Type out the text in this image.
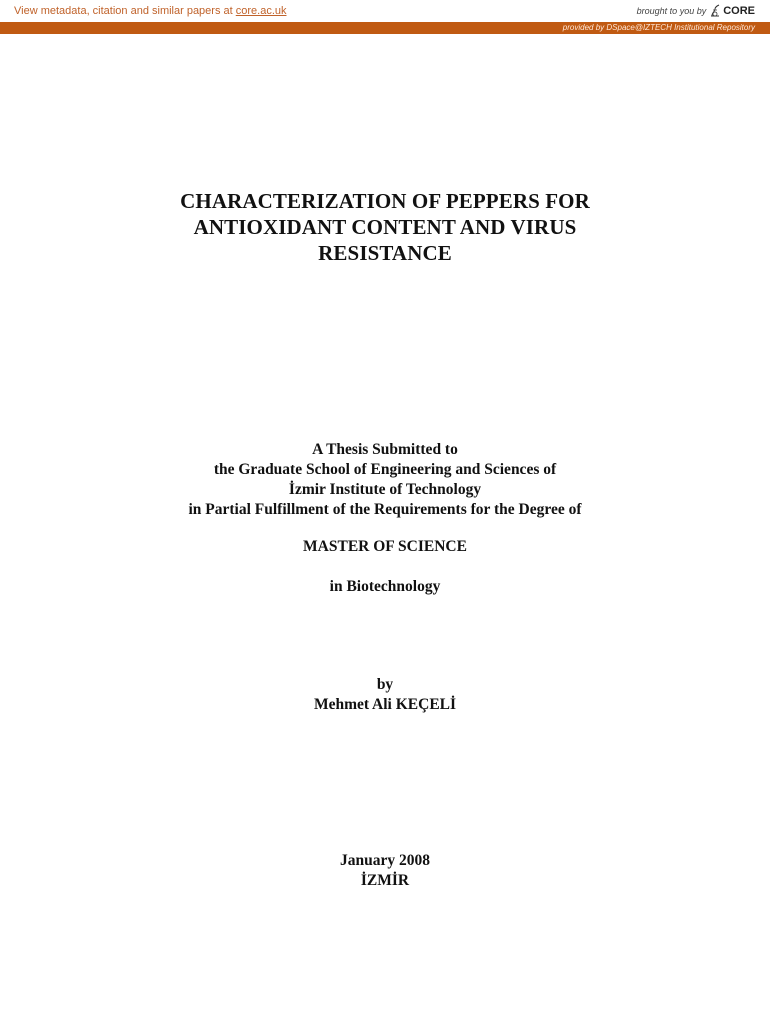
View metadata, citation and similar papers at core.ac.uk	brought to you by CORE
provided by DSpace@IZTECH Institutional Repository
CHARACTERIZATION OF PEPPERS FOR
ANTIOXIDANT CONTENT AND VIRUS
RESISTANCE
A Thesis Submitted to
the Graduate School of Engineering and Sciences of
İzmir Institute of Technology
in Partial Fulfillment of the Requirements for the Degree of
MASTER OF SCIENCE
in Biotechnology
by
Mehmet Ali KEÇELİ
January 2008
İZMİR
